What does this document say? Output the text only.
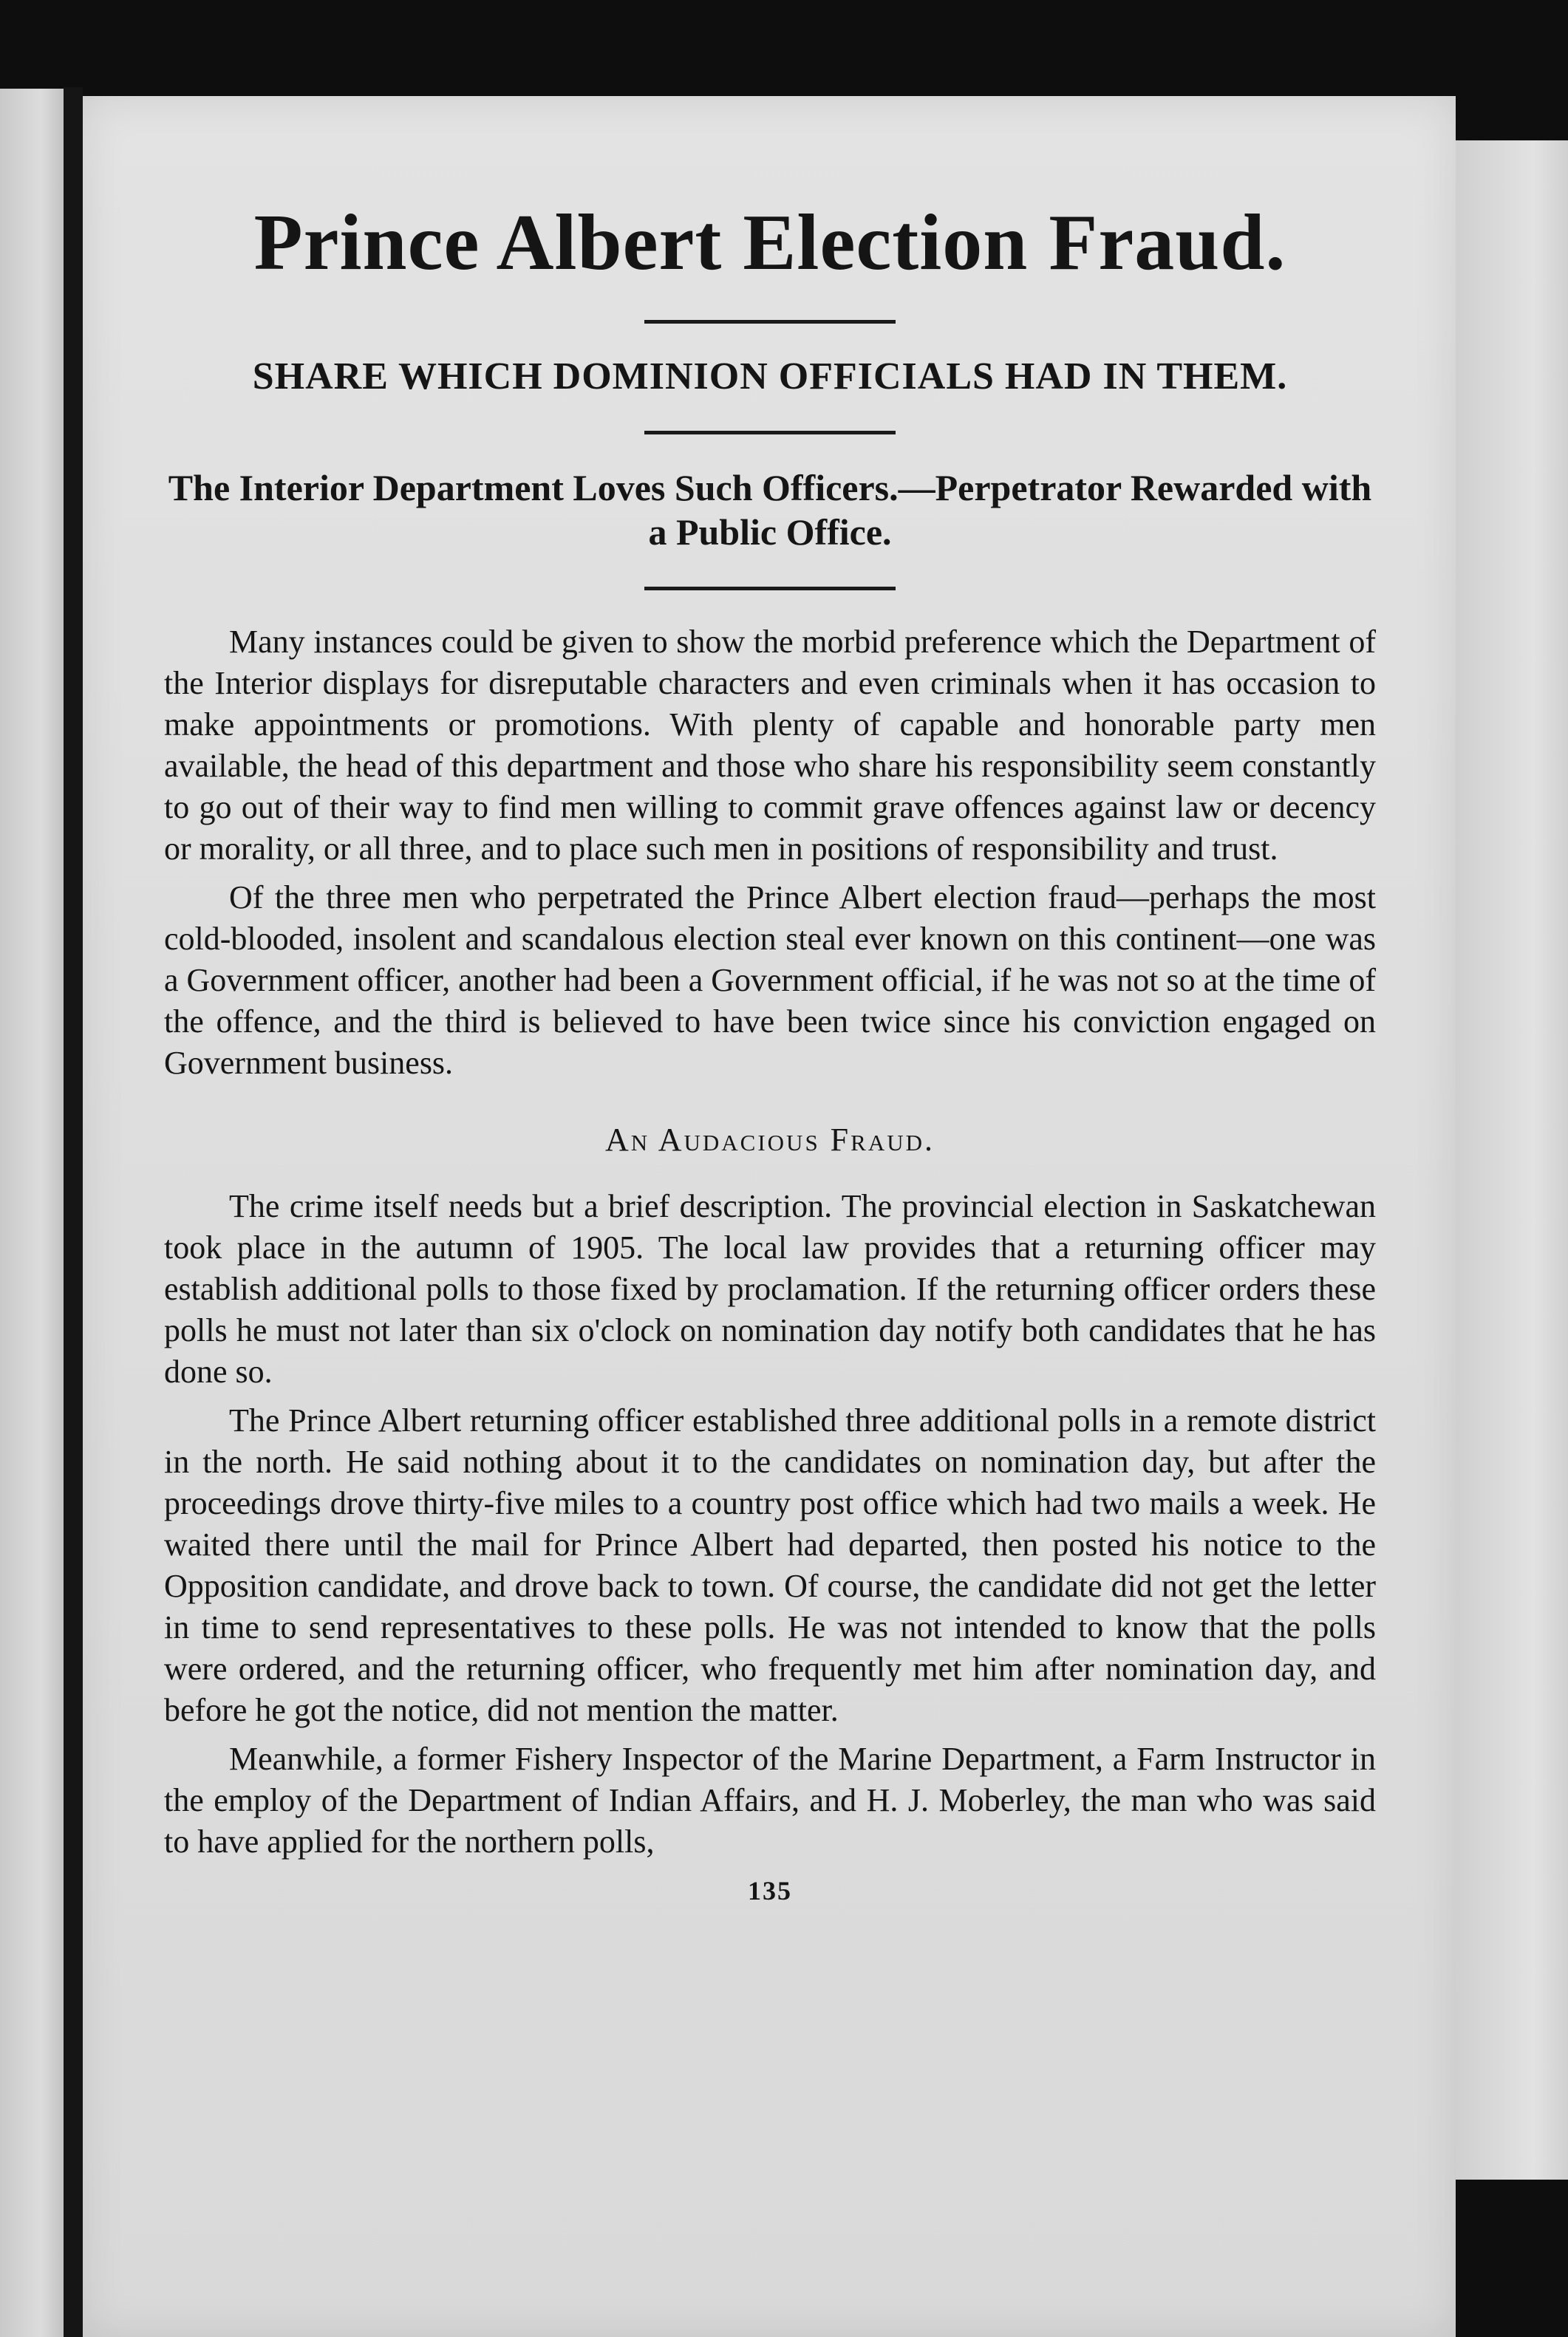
Prince Albert Election Fraud.
SHARE WHICH DOMINION OFFICIALS HAD IN THEM.
The Interior Department Loves Such Officers.—Perpetrator Rewarded with a Public Office.

Many instances could be given to show the morbid preference which the Department of the Interior displays for disreputable characters and even criminals when it has occasion to make appointments or promotions. With plenty of capable and honorable party men available, the head of this department and those who share his responsibility seem constantly to go out of their way to find men willing to commit grave offences against law or decency or morality, or all three, and to place such men in positions of responsibility and trust.

Of the three men who perpetrated the Prince Albert election fraud—perhaps the most cold-blooded, insolent and scandalous election steal ever known on this continent—one was a Government officer, another had been a Government official, if he was not so at the time of the offence, and the third is believed to have been twice since his conviction engaged on Government business.

An Audacious Fraud.

The crime itself needs but a brief description. The provincial election in Saskatchewan took place in the autumn of 1905. The local law provides that a returning officer may establish additional polls to those fixed by proclamation. If the returning officer orders these polls he must not later than six o'clock on nomination day notify both candidates that he has done so.

The Prince Albert returning officer established three additional polls in a remote district in the north. He said nothing about it to the candidates on nomination day, but after the proceedings drove thirty-five miles to a country post office which had two mails a week. He waited there until the mail for Prince Albert had departed, then posted his notice to the Opposition candidate, and drove back to town. Of course, the candidate did not get the letter in time to send representatives to these polls. He was not intended to know that the polls were ordered, and the returning officer, who frequently met him after nomination day, and before he got the notice, did not mention the matter.

Meanwhile, a former Fishery Inspector of the Marine Department, a Farm Instructor in the employ of the Department of Indian Affairs, and H. J. Moberley, the man who was said to have applied for the northern polls,

135
